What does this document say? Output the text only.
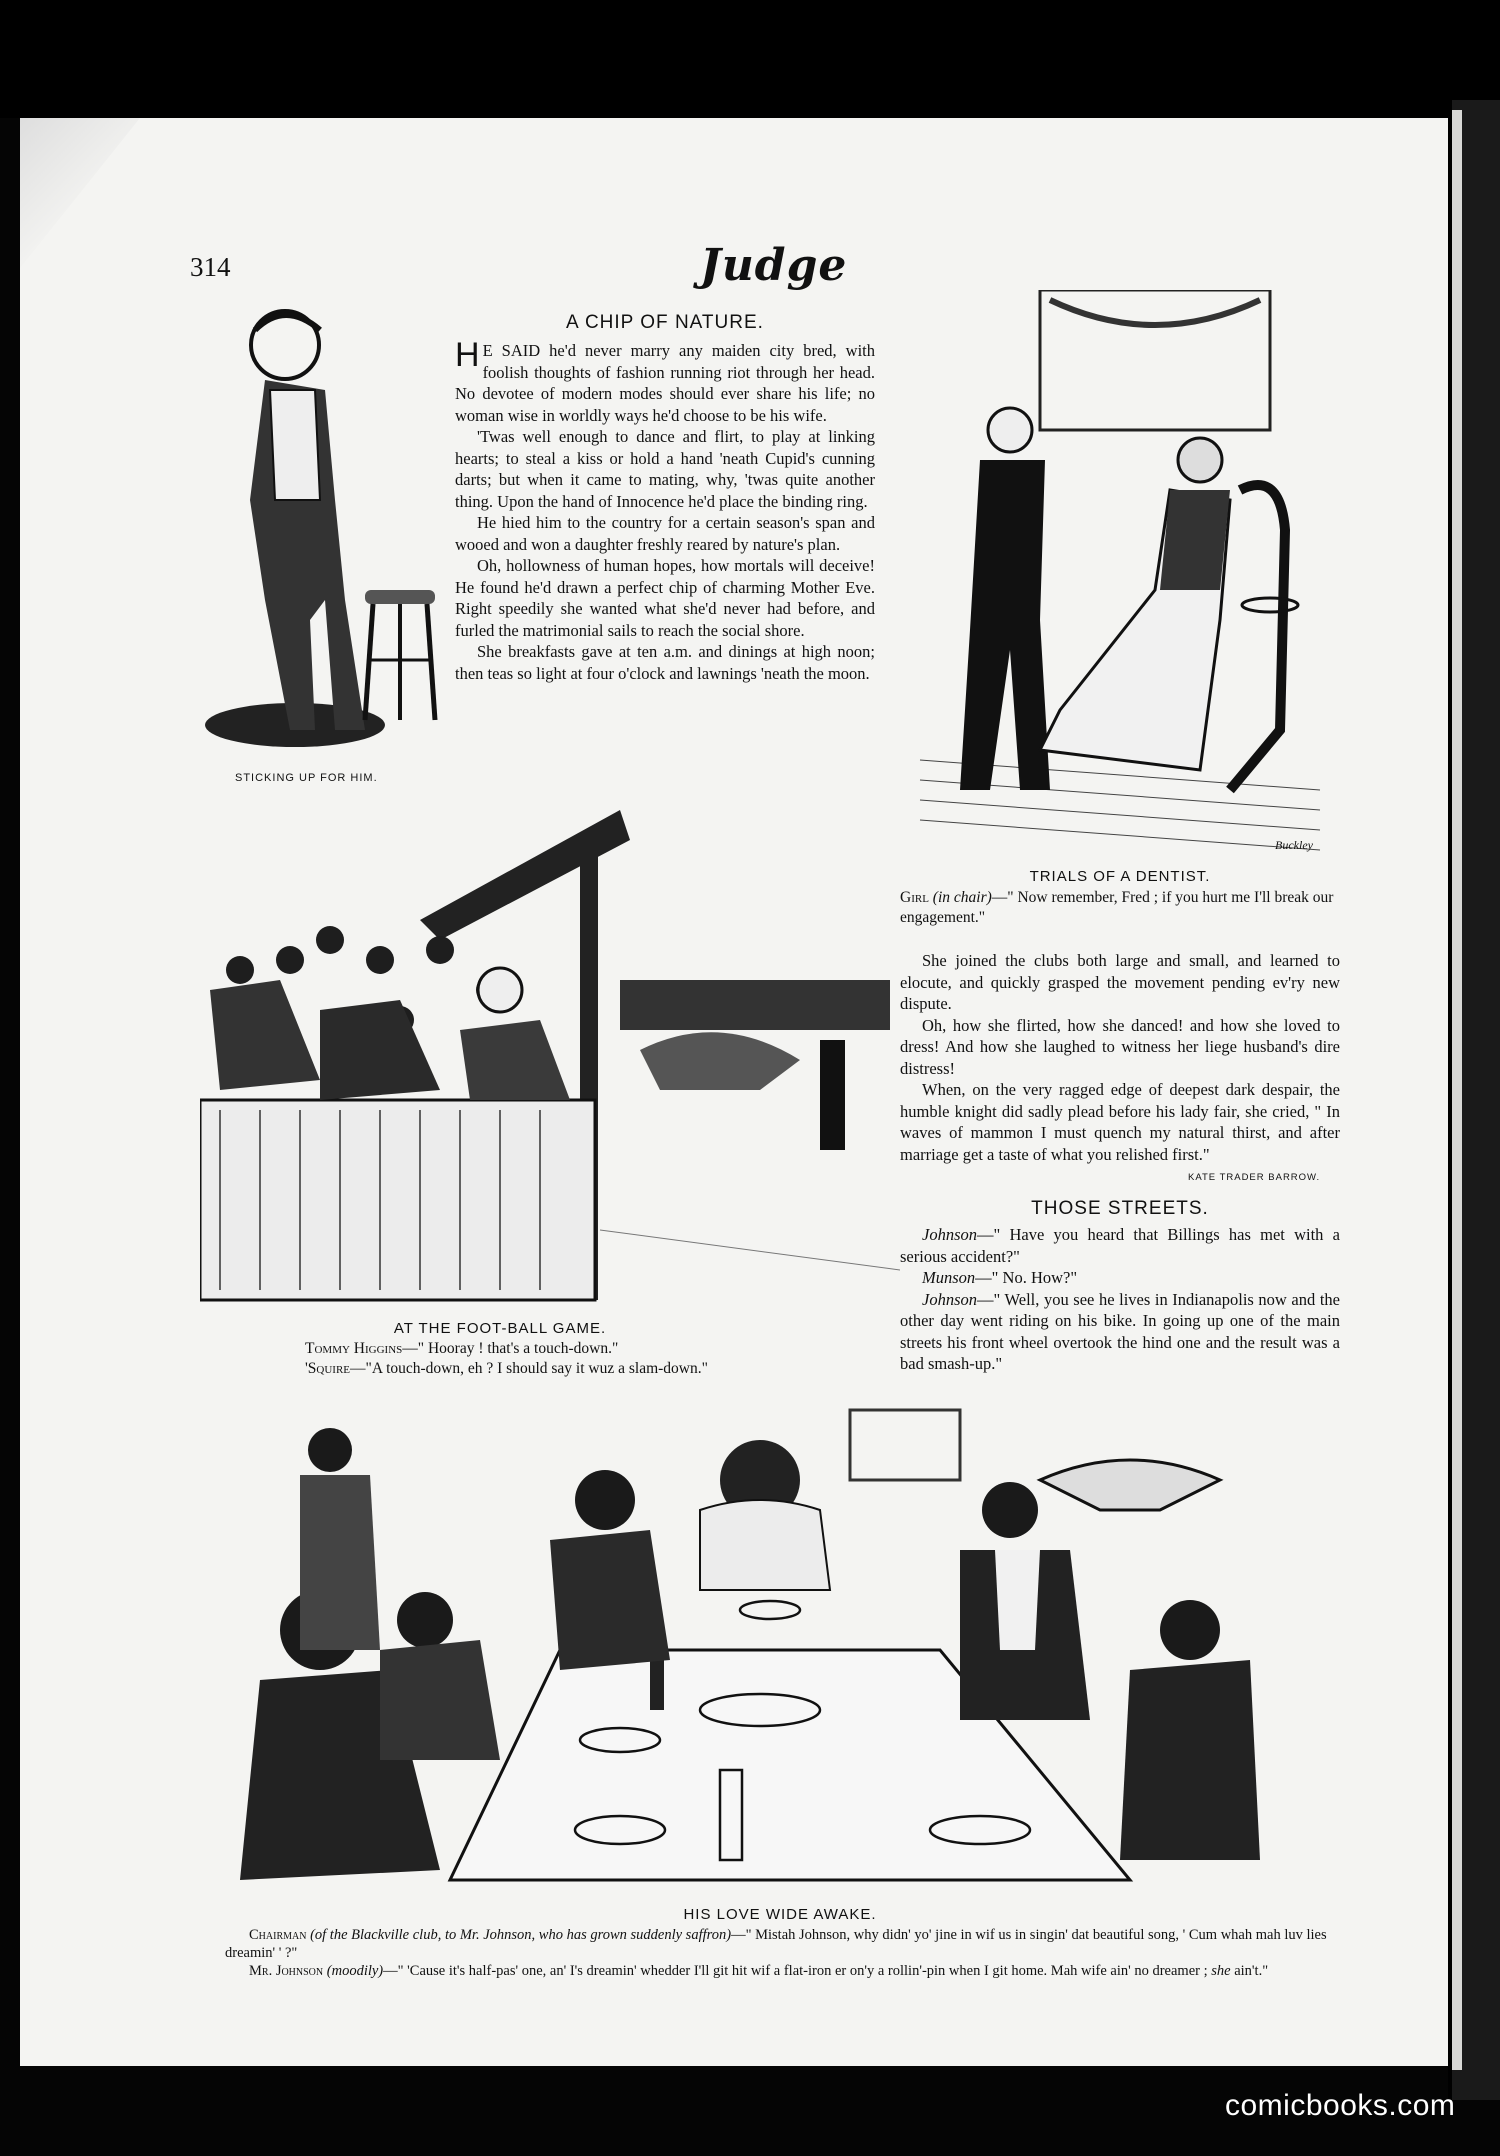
314	Judge
STICKING UP FOR HIM.
A CHIP OF NATURE.

H E SAID he'd never marry any maiden city bred, with foolish thoughts of fashion running riot through her head. No devotee of modern modes should ever share his life; no woman wise in worldly ways he'd choose to be his wife.

'Twas well enough to dance and flirt, to play at linking hearts; to steal a kiss or hold a hand 'neath Cupid's cunning darts; but when it came to mating, why, 'twas quite another thing. Upon the hand of Innocence he'd place the binding ring.

He hied him to the country for a certain season's span and wooed and won a daughter freshly reared by nature's plan.

Oh, hollowness of human hopes, how mortals will deceive! He found he'd drawn a perfect chip of charming Mother Eve. Right speedily she wanted what she'd never had before, and furled the matrimonial sails to reach the social shore.

She breakfasts gave at ten a.m. and dinings at high noon; then teas so light at four o'clock and lawnings 'neath the moon.

Buckley
TRIALS OF A DENTIST.
Girl (in chair)—" Now remember, Fred ; if you hurt me I'll break our engagement."

She joined the clubs both large and small, and learned to elocute, and quickly grasped the movement pending ev'ry new dispute.

Oh, how she flirted, how she danced! and how she loved to dress! And how she laughed to witness her liege husband's dire distress!

When, on the very ragged edge of deepest dark despair, the humble knight did sadly plead before his lady fair, she cried, " In waves of mammon I must quench my natural thirst, and after marriage get a taste of what you relished first."

KATE TRADER BARROW.
AT THE FOOT-BALL GAME.
Tommy Higgins—" Hooray ! that's a touch-down."
'Squire—"A touch-down, eh ? I should say it wuz a slam-down."
THOSE STREETS.

Johnson—" Have you heard that Billings has met with a serious accident?"

Munson—" No. How?"

Johnson—" Well, you see he lives in Indianapolis now and the other day went riding on his bike. In going up one of the main streets his front wheel overtook the hind one and the result was a bad smash-up."

HIS LOVE WIDE AWAKE.
Chairman (of the Blackville club, to Mr. Johnson, who has grown suddenly saffron)—" Mistah Johnson, why didn' yo' jine in wif us in singin' dat beautiful song, ' Cum whah mah luv lies dreamin' ' ?"
Mr. Johnson (moodily)—" 'Cause it's half-pas' one, an' I's dreamin' whedder I'll git hit wif a flat-iron er on'y a rollin'-pin when I git home. Mah wife ain' no dreamer ; she ain't."
comicbooks.com
